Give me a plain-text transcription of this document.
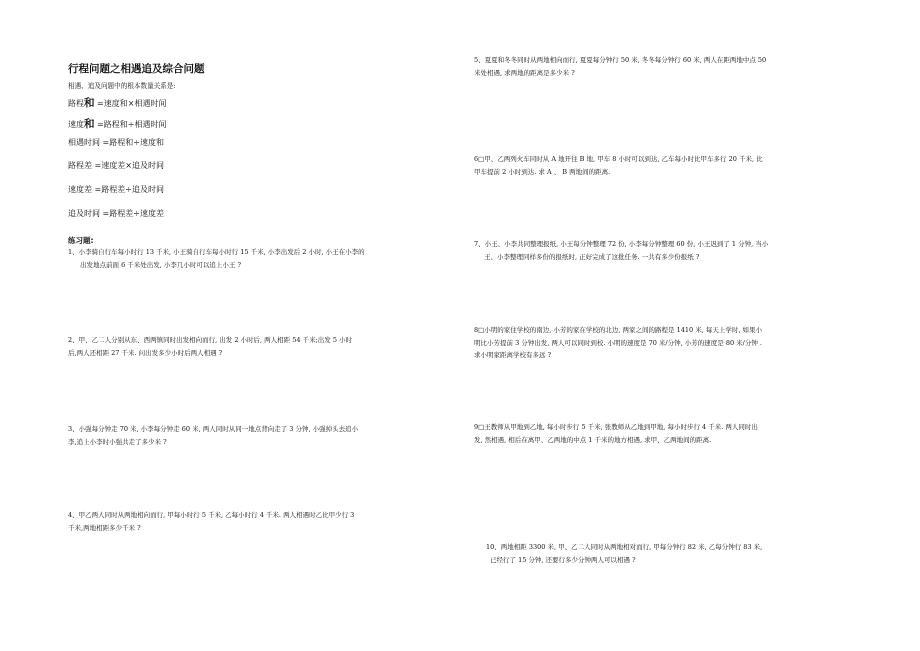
行程问题之相遇追及综合问题
相遇、追及问题中的根本数量关系是:
路程和 =速度和×相遇时间
速度和 =路程和÷相遇时间
相遇时间 =路程和÷速度和
路程差 =速度差×追及时间
速度差 =路程差÷追及时间
追及时间 =路程差÷速度差
练习题:
1、小李骑自行车每小时行 13 千米, 小王骑自行车每小时行 15 千米, 小李出发后 2 小时, 小王在小李的
出发地点前面 6 千米处出发, 小李几小时可以追上小王 ?
2、甲、乙二人分别从东、西两镇同时出发相向而行, 出发 2 小时后, 两人相距 54 千米;出发 5 小时
后,两人还相距 27 千米. 问出发多少小时后两人相遇 ?
3、小强每分钟走 70 米, 小李每分钟走 60 米, 两人同时从同一地点背向走了 3 分钟, 小强掉头去追小
李,追上小李时小强共走了多少米 ?
4、甲乙两人同时从两地相向而行, 甲每小时行 5 千米, 乙每小时行 4 千米. 两人相遇时乙比甲少行 3
千米,两地相距多少千米 ?
5、夏夏和冬冬同时从两地相向而行, 夏夏每分钟行 50 米, 冬冬每分钟行 60 米, 两人在距两地中点 50
米处相遇, 求两地的距离是多少米 ?
6□甲、乙两列火车同时从 A 地开往 B 地, 甲车 8 小时可以到达, 乙车每小时比甲车多行 20 千米, 比
甲车提前 2 小时到达. 求 A 、 B 两地间的距离.
7、小王、小李共同整理报纸, 小王每分钟整理 72 份, 小李每分钟整理 60 份, 小王迟到了 1 分钟, 当小
王、小李整理同样多份的报纸时, 正好完成了这批任务. 一共有多少份报纸 ?
8□小明的家住学校的南边, 小芳的家在学校的北边, 两家之间的路程是 1410 米, 每天上学时, 如果小
明比小芳提前 3 分钟出发, 两人可以同时到校. 小明的速度是 70 米/分钟, 小芳的速度是 80 米/分钟 .
求小明家距离学校有多远 ?
9□王教师从甲地到乙地, 每小时步行 5 千米, 张教师从乙地到甲地, 每小时步行 4 千米. 两人同时出
发, 然相遇, 相后在离甲、乙两地的中点 1 千米的地方相遇, 求甲、乙两地间的距离.
10、两地相距 3300 米, 甲、乙二人同时从两地相对而行, 甲每分钟行 82 米, 乙每分钟行 83 米,
已经行了 15 分钟, 还要行多少分钟两人可以相遇 ?
